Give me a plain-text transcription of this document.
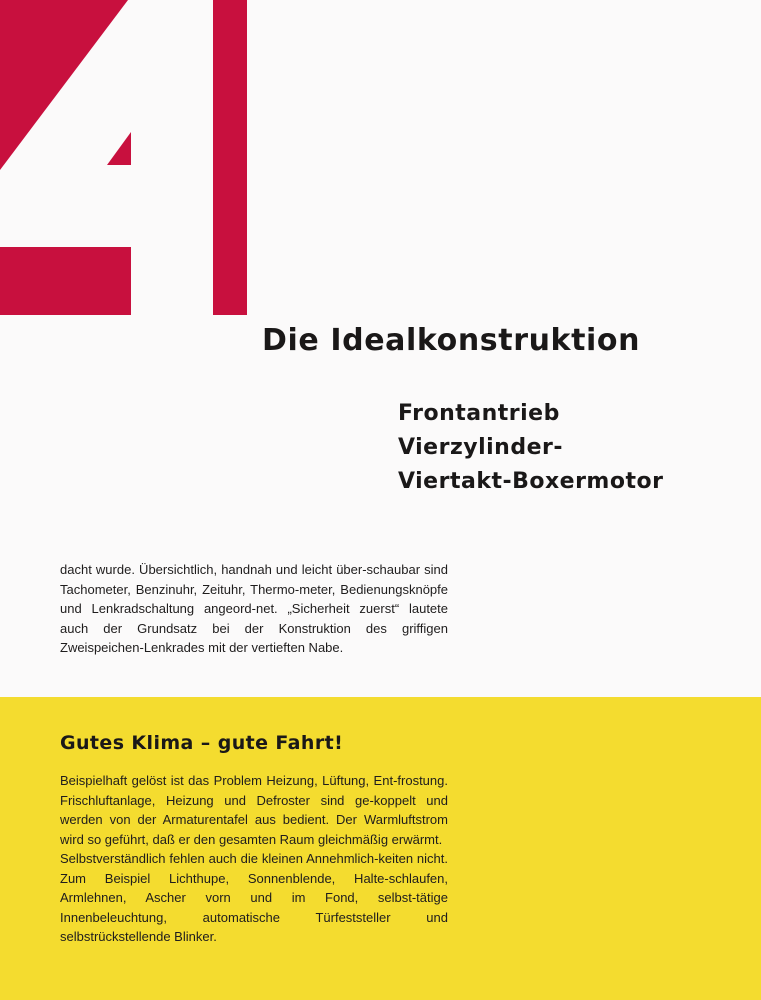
Die Idealkonstruktion
Frontantrieb
Vierzylinder-
Viertakt-Boxermotor

dacht wurde. Übersichtlich, handnah und leicht über-schaubar sind Tachometer, Benzinuhr, Zeituhr, Thermo-meter, Bedienungsknöpfe und Lenkradschaltung angeord-net. „Sicherheit zuerst“ lautete auch der Grundsatz bei der Konstruktion des griffigen Zweispeichen-Lenkrades mit der vertieften Nabe.

Gutes Klima – gute Fahrt!

Beispielhaft gelöst ist das Problem Heizung, Lüftung, Ent-frostung. Frischluftanlage, Heizung und Defroster sind ge-koppelt und werden von der Armaturentafel aus bedient. Der Warmluftstrom wird so geführt, daß er den gesamten Raum gleichmäßig erwärmt.
Selbstverständlich fehlen auch die kleinen Annehmlich-keiten nicht. Zum Beispiel Lichthupe, Sonnenblende, Halte-schlaufen, Armlehnen, Ascher vorn und im Fond, selbst-tätige Innenbeleuchtung, automatische Türfeststeller und selbstrückstellende Blinker.
